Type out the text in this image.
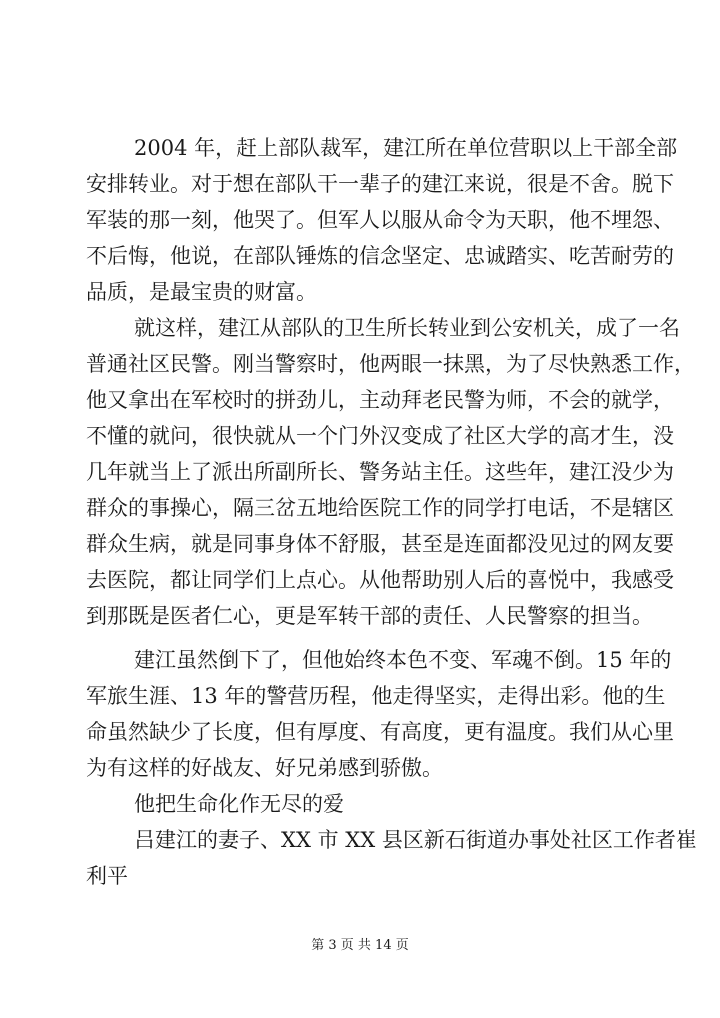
2004 年，赶上部队裁军，建江所在单位营职以上干部全部
安排转业。对于想在部队干一辈子的建江来说，很是不舍。脱下
军装的那一刻，他哭了。但军人以服从命令为天职，他不埋怨、
不后悔，他说，在部队锤炼的信念坚定、忠诚踏实、吃苦耐劳的
品质，是最宝贵的财富。
就这样，建江从部队的卫生所长转业到公安机关，成了一名
普通社区民警。刚当警察时，他两眼一抹黑，为了尽快熟悉工作，
他又拿出在军校时的拼劲儿，主动拜老民警为师，不会的就学，
不懂的就问，很快就从一个门外汉变成了社区大学的高才生，没
几年就当上了派出所副所长、警务站主任。这些年，建江没少为
群众的事操心，隔三岔五地给医院工作的同学打电话，不是辖区
群众生病，就是同事身体不舒服，甚至是连面都没见过的网友要
去医院，都让同学们上点心。从他帮助别人后的喜悦中，我感受
到那既是医者仁心，更是军转干部的责任、人民警察的担当。
建江虽然倒下了，但他始终本色不变、军魂不倒。15 年的
军旅生涯、13 年的警营历程，他走得坚实，走得出彩。他的生
命虽然缺少了长度，但有厚度、有高度，更有温度。我们从心里
为有这样的好战友、好兄弟感到骄傲。
他把生命化作无尽的爱
吕建江的妻子、XX 市 XX 县区新石街道办事处社区工作者崔
利平
第 3 页 共 14 页
